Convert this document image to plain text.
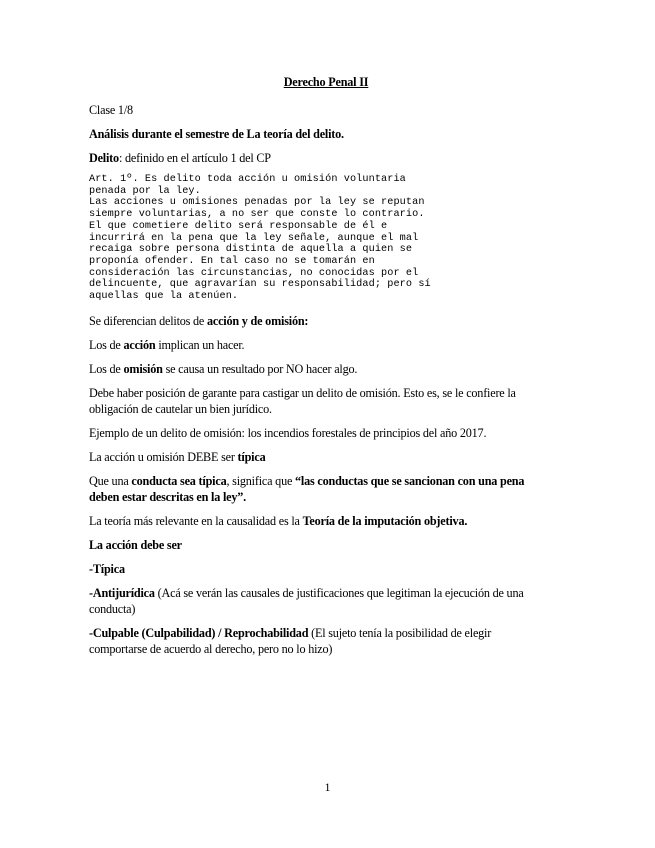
Derecho Penal II

Clase 1/8

Análisis durante el semestre de La teoría del delito.

Delito: definido en el artículo 1 del CP

Art. 1º. Es delito toda acción u omisión voluntaria
penada por la ley.
Las acciones u omisiones penadas por la ley se reputan
siempre voluntarias, a no ser que conste lo contrario.
El que cometiere delito será responsable de él e
incurrirá en la pena que la ley señale, aunque el mal
recaiga sobre persona distinta de aquella a quien se
proponía ofender. En tal caso no se tomarán en
consideración las circunstancias, no conocidas por el
delincuente, que agravarían su responsabilidad; pero sí
aquellas que la atenúen.

Se diferencian delitos de acción y de omisión:

Los de acción implican un hacer.

Los de omisión se causa un resultado por NO hacer algo.

Debe haber posición de garante para castigar un delito de omisión. Esto es, se le confiere la obligación de cautelar un bien jurídico.

Ejemplo de un delito de omisión: los incendios forestales de principios del año 2017.

La acción u omisión DEBE ser típica

Que una conducta sea típica, significa que “las conductas que se sancionan con una pena deben estar descritas en la ley”.

La teoría más relevante en la causalidad es la Teoría de la imputación objetiva.

La acción debe ser

-Típica

-Antijurídica (Acá se verán las causales de justificaciones que legitiman la ejecución de una conducta)

-Culpable (Culpabilidad) / Reprochabilidad (El sujeto tenía la posibilidad de elegir comportarse de acuerdo al derecho, pero no lo hizo)

1
